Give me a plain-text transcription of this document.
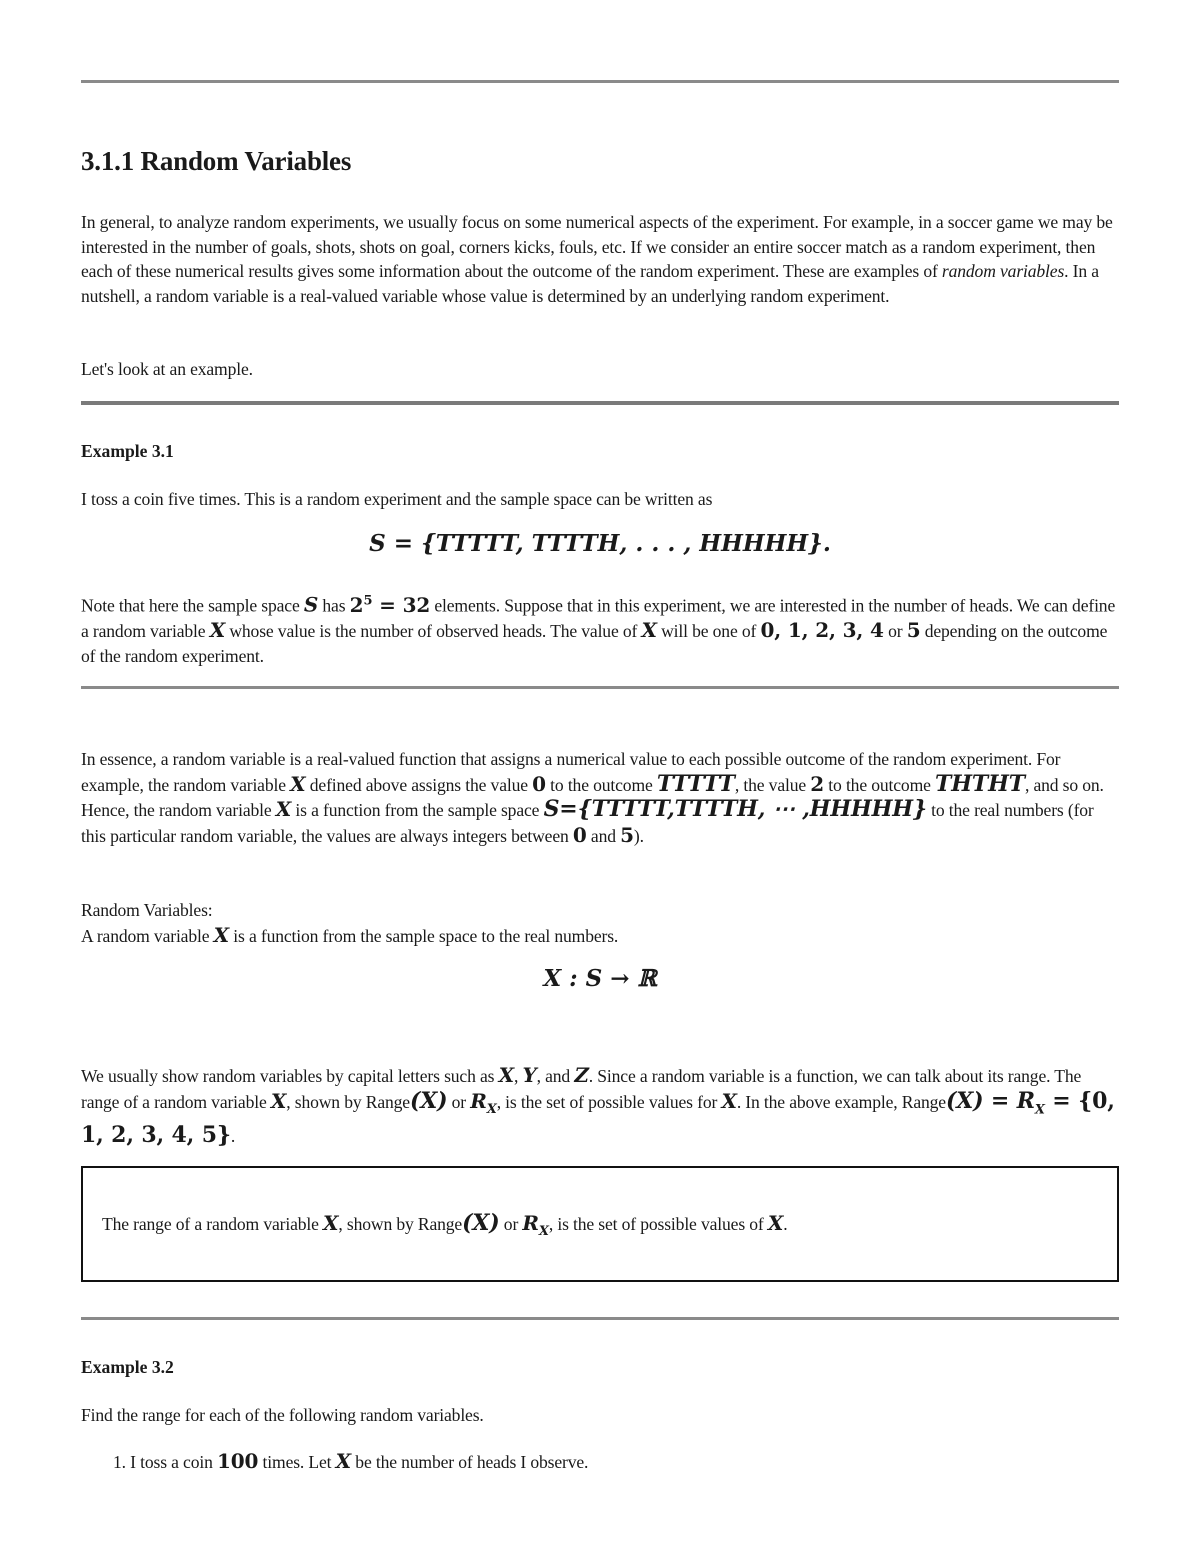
3.1.1 Random Variables

In general, to analyze random experiments, we usually focus on some numerical aspects of the experiment. For example, in a soccer game we may be interested in the number of goals, shots, shots on goal, corners kicks, fouls, etc. If we consider an entire soccer match as a random experiment, then each of these numerical results gives some information about the outcome of the random experiment. These are examples of random variables. In a nutshell, a random variable is a real-valued variable whose value is determined by an underlying random experiment.

Let's look at an example.

Example 3.1

I toss a coin five times. This is a random experiment and the sample space can be written as

S = {TTTTT, TTTTH, . . . , HHHHH}.

Note that here the sample space S has $2^5 = 32$ elements. Suppose that in this experiment, we are interested in the number of heads. We can define a random variable X whose value is the number of observed heads. The value of X will be one of 0, 1, 2, 3, 4 or 5 depending on the outcome of the random experiment.

In essence, a random variable is a real-valued function that assigns a numerical value to each possible outcome of the random experiment. For example, the random variable X defined above assigns the value 0 to the outcome TTTTT, the value 2 to the outcome THTHT, and so on. Hence, the random variable X is a function from the sample space S={TTTTT,TTTTH, ⋯ ,HHHHH} to the real numbers (for this particular random variable, the values are always integers between 0 and 5).

Random Variables:
A random variable X is a function from the sample space to the real numbers.

X : S → ℝ

We usually show random variables by capital letters such as X, Y, and Z. Since a random variable is a function, we can talk about its range. The range of a random variable X, shown by Range(X) or $R_X$, is the set of possible values for X. In the above example, Range(X) = $R_X = \{0$, 1, 2, 3, 4, 5}.

The range of a random variable X, shown by Range(X) or $R_X$, is the set of possible values of X.

Example 3.2

Find the range for each of the following random variables.

1. I toss a coin 100 times. Let X be the number of heads I observe.
